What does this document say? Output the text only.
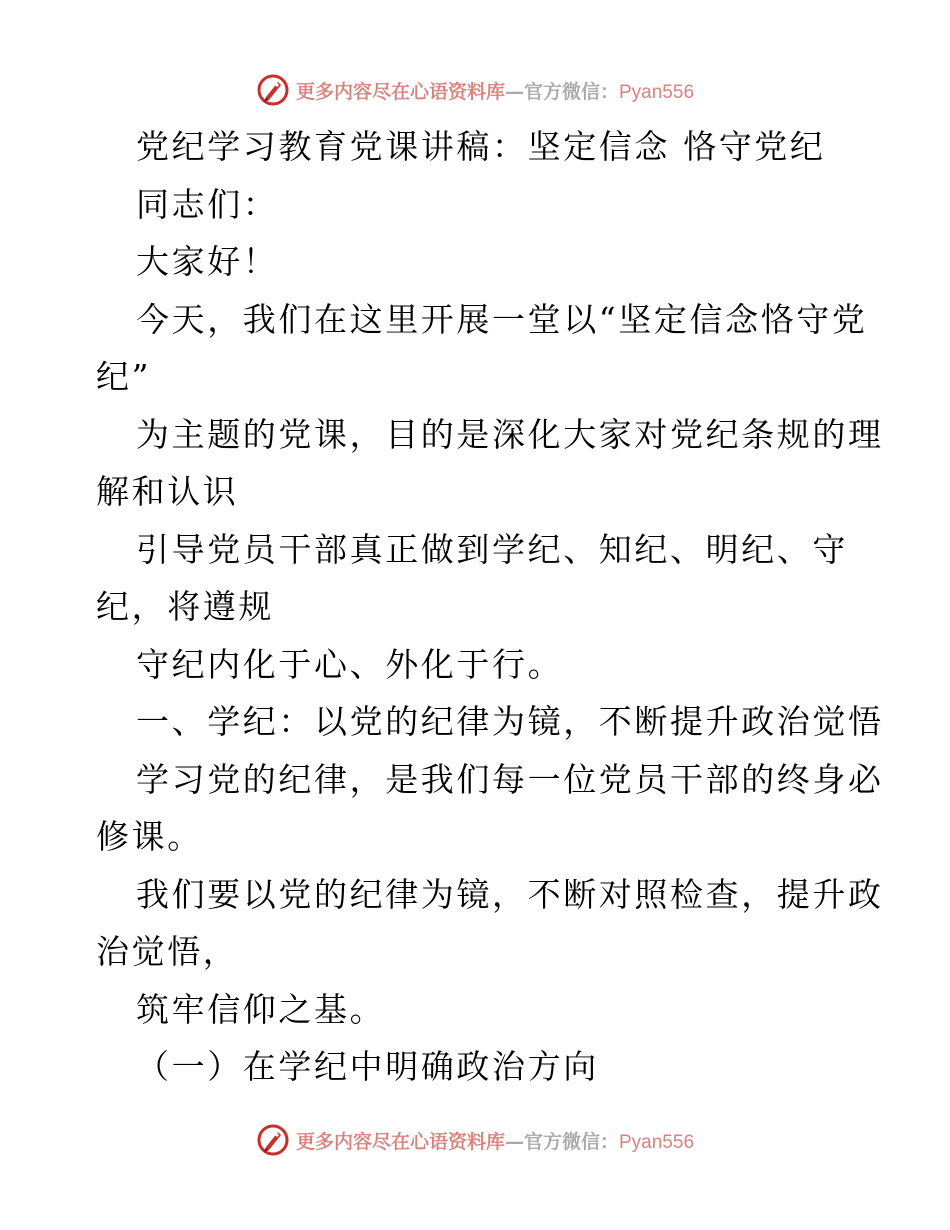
更多内容尽在心语资料库—官方微信：Pyan556
党纪学习教育党课讲稿：坚定信念 恪守党纪
同志们：
大家好！
今天，我们在这里开展一堂以“坚定信念恪守党
纪”
为主题的党课，目的是深化大家对党纪条规的理
解和认识
引导党员干部真正做到学纪、知纪、明纪、守
纪，将遵规
守纪内化于心、外化于行。
一、学纪：以党的纪律为镜，不断提升政治觉悟
学习党的纪律，是我们每一位党员干部的终身必
修课。
我们要以党的纪律为镜，不断对照检查，提升政
治觉悟，
筑牢信仰之基。
（一）在学纪中明确政治方向
更多内容尽在心语资料库—官方微信：Pyan556
